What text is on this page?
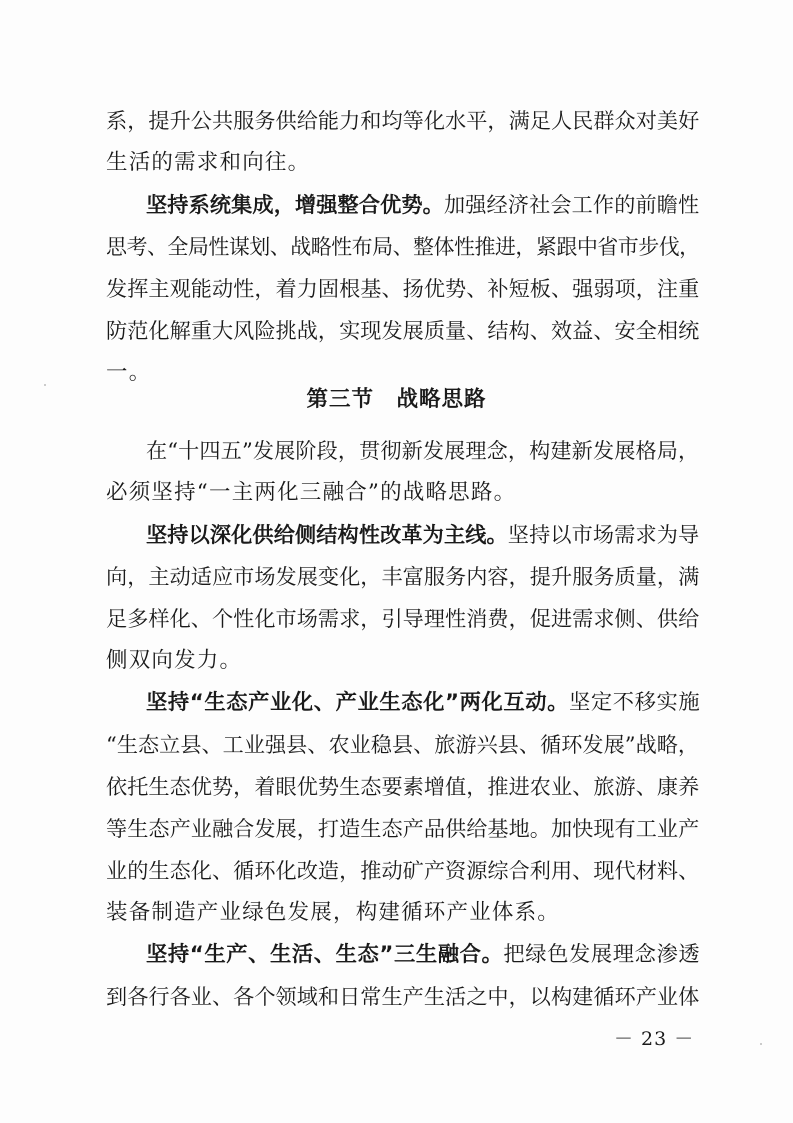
系，提升公共服务供给能力和均等化水平，满足人民群众对美好
生活的需求和向往。
坚持系统集成，增强整合优势。加强经济社会工作的前瞻性
思考、全局性谋划、战略性布局、整体性推进，紧跟中省市步伐，
发挥主观能动性，着力固根基、扬优势、补短板、强弱项，注重
防范化解重大风险挑战，实现发展质量、结构、效益、安全相统
一。
第三节　战略思路
在“十四五”发展阶段，贯彻新发展理念，构建新发展格局，
必须坚持“一主两化三融合”的战略思路。
坚持以深化供给侧结构性改革为主线。坚持以市场需求为导
向，主动适应市场发展变化，丰富服务内容，提升服务质量，满
足多样化、个性化市场需求，引导理性消费，促进需求侧、供给
侧双向发力。
坚持“生态产业化、产业生态化”两化互动。坚定不移实施
“生态立县、工业强县、农业稳县、旅游兴县、循环发展”战略，
依托生态优势，着眼优势生态要素增值，推进农业、旅游、康养
等生态产业融合发展，打造生态产品供给基地。加快现有工业产
业的生态化、循环化改造，推动矿产资源综合利用、现代材料、
装备制造产业绿色发展，构建循环产业体系。
坚持“生产、生活、生态”三生融合。把绿色发展理念渗透
到各行各业、各个领域和日常生产生活之中，以构建循环产业体
－ 23 －
